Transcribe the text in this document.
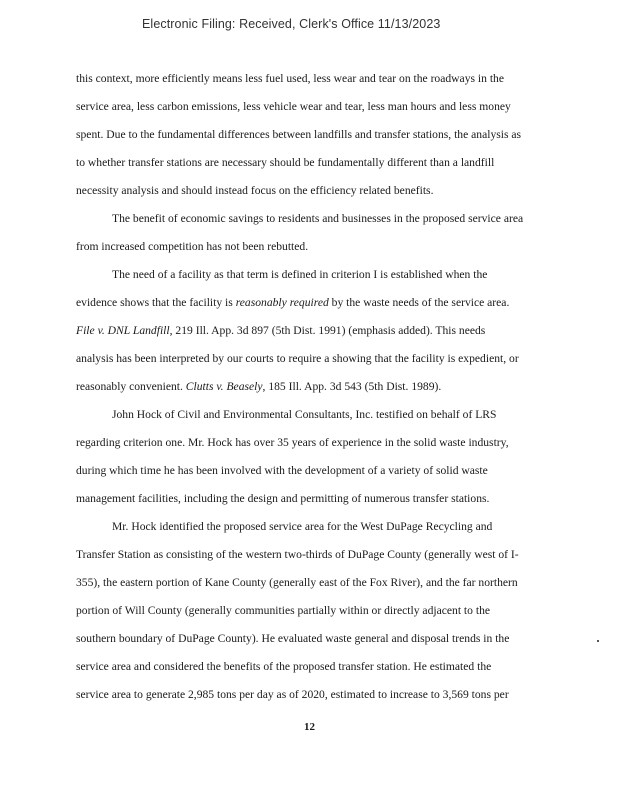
Electronic Filing: Received, Clerk's Office 11/13/2023
this context, more efficiently means less fuel used, less wear and tear on the roadways in the
service area, less carbon emissions, less vehicle wear and tear, less man hours and less money
spent. Due to the fundamental differences between landfills and transfer stations, the analysis as
to whether transfer stations are necessary should be fundamentally different than a landfill
necessity analysis and should instead focus on the efficiency related benefits.
The benefit of economic savings to residents and businesses in the proposed service area
from increased competition has not been rebutted.
The need of a facility as that term is defined in criterion I is established when the
evidence shows that the facility is reasonably required by the waste needs of the service area.
File v. DNL Landfill, 219 Ill. App. 3d 897 (5th Dist. 1991) (emphasis added). This needs
analysis has been interpreted by our courts to require a showing that the facility is expedient, or
reasonably convenient. Clutts v. Beasely, 185 Ill. App. 3d 543 (5th Dist. 1989).
John Hock of Civil and Environmental Consultants, Inc. testified on behalf of LRS
regarding criterion one. Mr. Hock has over 35 years of experience in the solid waste industry,
during which time he has been involved with the development of a variety of solid waste
management facilities, including the design and permitting of numerous transfer stations.
Mr. Hock identified the proposed service area for the West DuPage Recycling and
Transfer Station as consisting of the western two-thirds of DuPage County (generally west of I-
355), the eastern portion of Kane County (generally east of the Fox River), and the far northern
portion of Will County (generally communities partially within or directly adjacent to the
southern boundary of DuPage County). He evaluated waste general and disposal trends in the
service area and considered the benefits of the proposed transfer station. He estimated the
service area to generate 2,985 tons per day as of 2020, estimated to increase to 3,569 tons per
12
